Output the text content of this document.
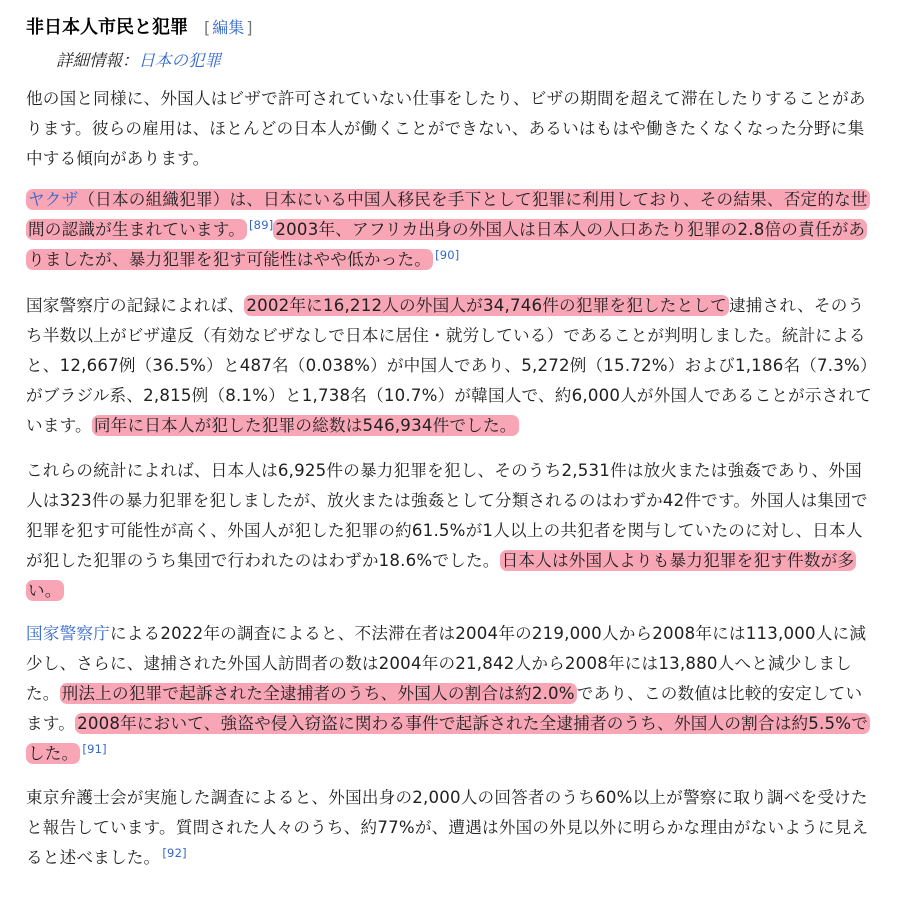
非日本人市民と犯罪 [ 編集 ]
詳細情報：日本の犯罪

他の国と同様に、外国人はビザで許可されていない仕事をしたり、ビザの期間を超えて滞在したりすることがあります。彼らの雇用は、ほとんどの日本人が働くことができない、あるいはもはや働きたくなくなった分野に集中する傾向があります。

ヤクザ（日本の組織犯罪）は、日本にいる中国人移民を手下として犯罪に利用しており、その結果、否定的な世間の認識が生まれています。 [89] 2003年、アフリカ出身の外国人は日本人の人口あたり犯罪の2.8倍の責任がありましたが、暴力犯罪を犯す可能性はやや低かった。 [90]

国家警察庁の記録によれば、 2002年に16,212人の外国人が34,746件の犯罪を犯したとして 逮捕され、そのうち半数以上がビザ違反（有効なビザなしで日本に居住・就労している）であることが判明しました。統計によると、12,667例（36.5%）と487名（0.038%）が中国人であり、5,272例（15.72%）および1,186名（7.3%）がブラジル系、2,815例（8.1%）と1,738名（10.7%）が韓国人で、約6,000人が外国人であることが示されています。 同年に日本人が犯した犯罪の総数は546,934件でした。

これらの統計によれば、日本人は6,925件の暴力犯罪を犯し、そのうち2,531件は放火または強姦であり、外国人は323件の暴力犯罪を犯しましたが、放火または強姦として分類されるのはわずか42件です。外国人は集団で犯罪を犯す可能性が高く、外国人が犯した犯罪の約61.5%が1人以上の共犯者を関与していたのに対し、日本人が犯した犯罪のうち集団で行われたのはわずか18.6%でした。 日本人は外国人よりも暴力犯罪を犯す件数が多い。

国家警察庁による2022年の調査によると、不法滞在者は2004年の219,000人から2008年には113,000人に減少し、さらに、逮捕された外国人訪問者の数は2004年の21,842人から2008年には13,880人へと減少しました。 刑法上の犯罪で起訴された全逮捕者のうち、外国人の割合は約2.0% であり、この数値は比較的安定しています。 2008年において、強盗や侵入窃盗に関わる事件で起訴された全逮捕者のうち、外国人の割合は約5.5%でした。 [91]

東京弁護士会が実施した調査によると、外国出身の2,000人の回答者のうち60%以上が警察に取り調べを受けたと報告しています。質問された人々のうち、約77%が、遭遇は外国の外見以外に明らかな理由がないように見えると述べました。 [92]
